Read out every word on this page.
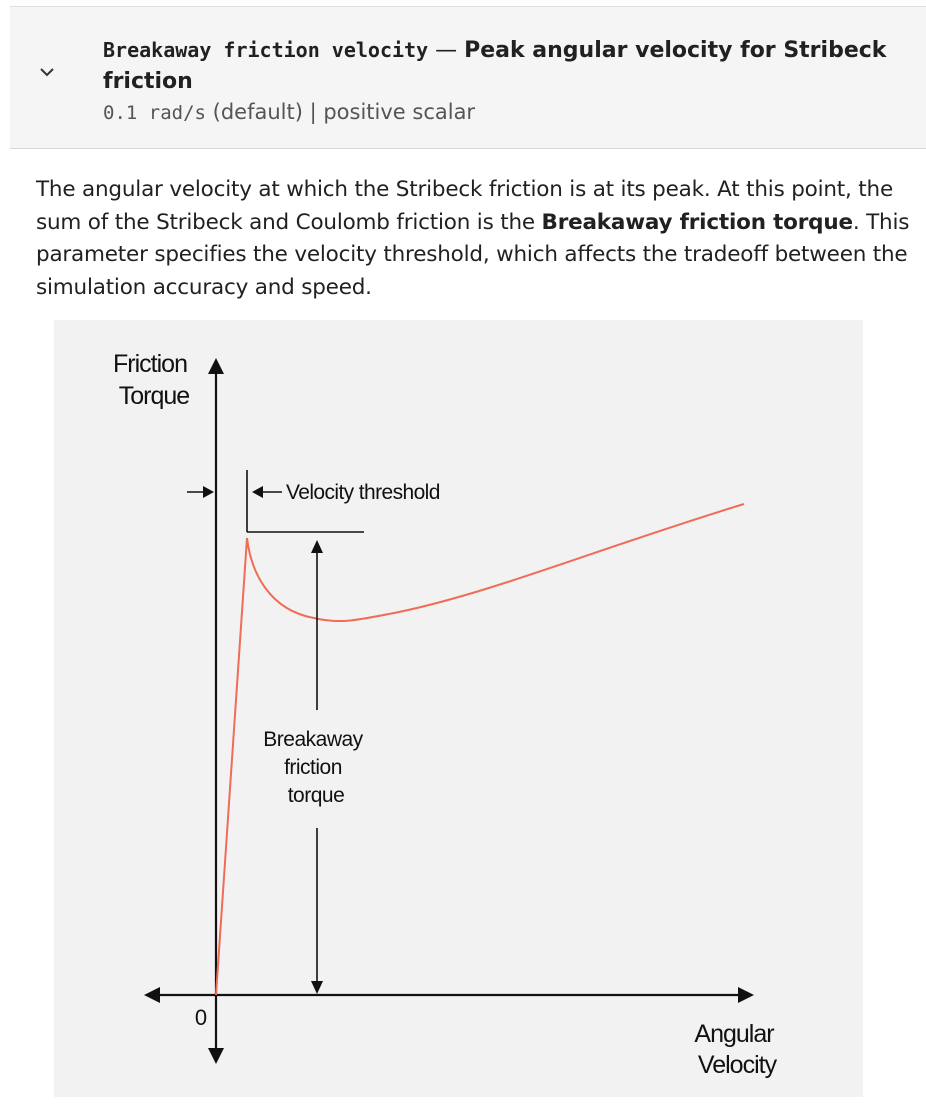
Breakaway friction velocity — Peak angular velocity for Stribeck friction
0.1 rad/s (default) | positive scalar

The angular velocity at which the Stribeck friction is at its peak. At this point, the sum of the Stribeck and Coulomb friction is the Breakaway friction torque. This parameter specifies the velocity threshold, which affects the tradeoff between the simulation accuracy and speed.

Velocity threshold
Breakaway
friction
torque
Friction
Torque
Angular
Velocity
0
